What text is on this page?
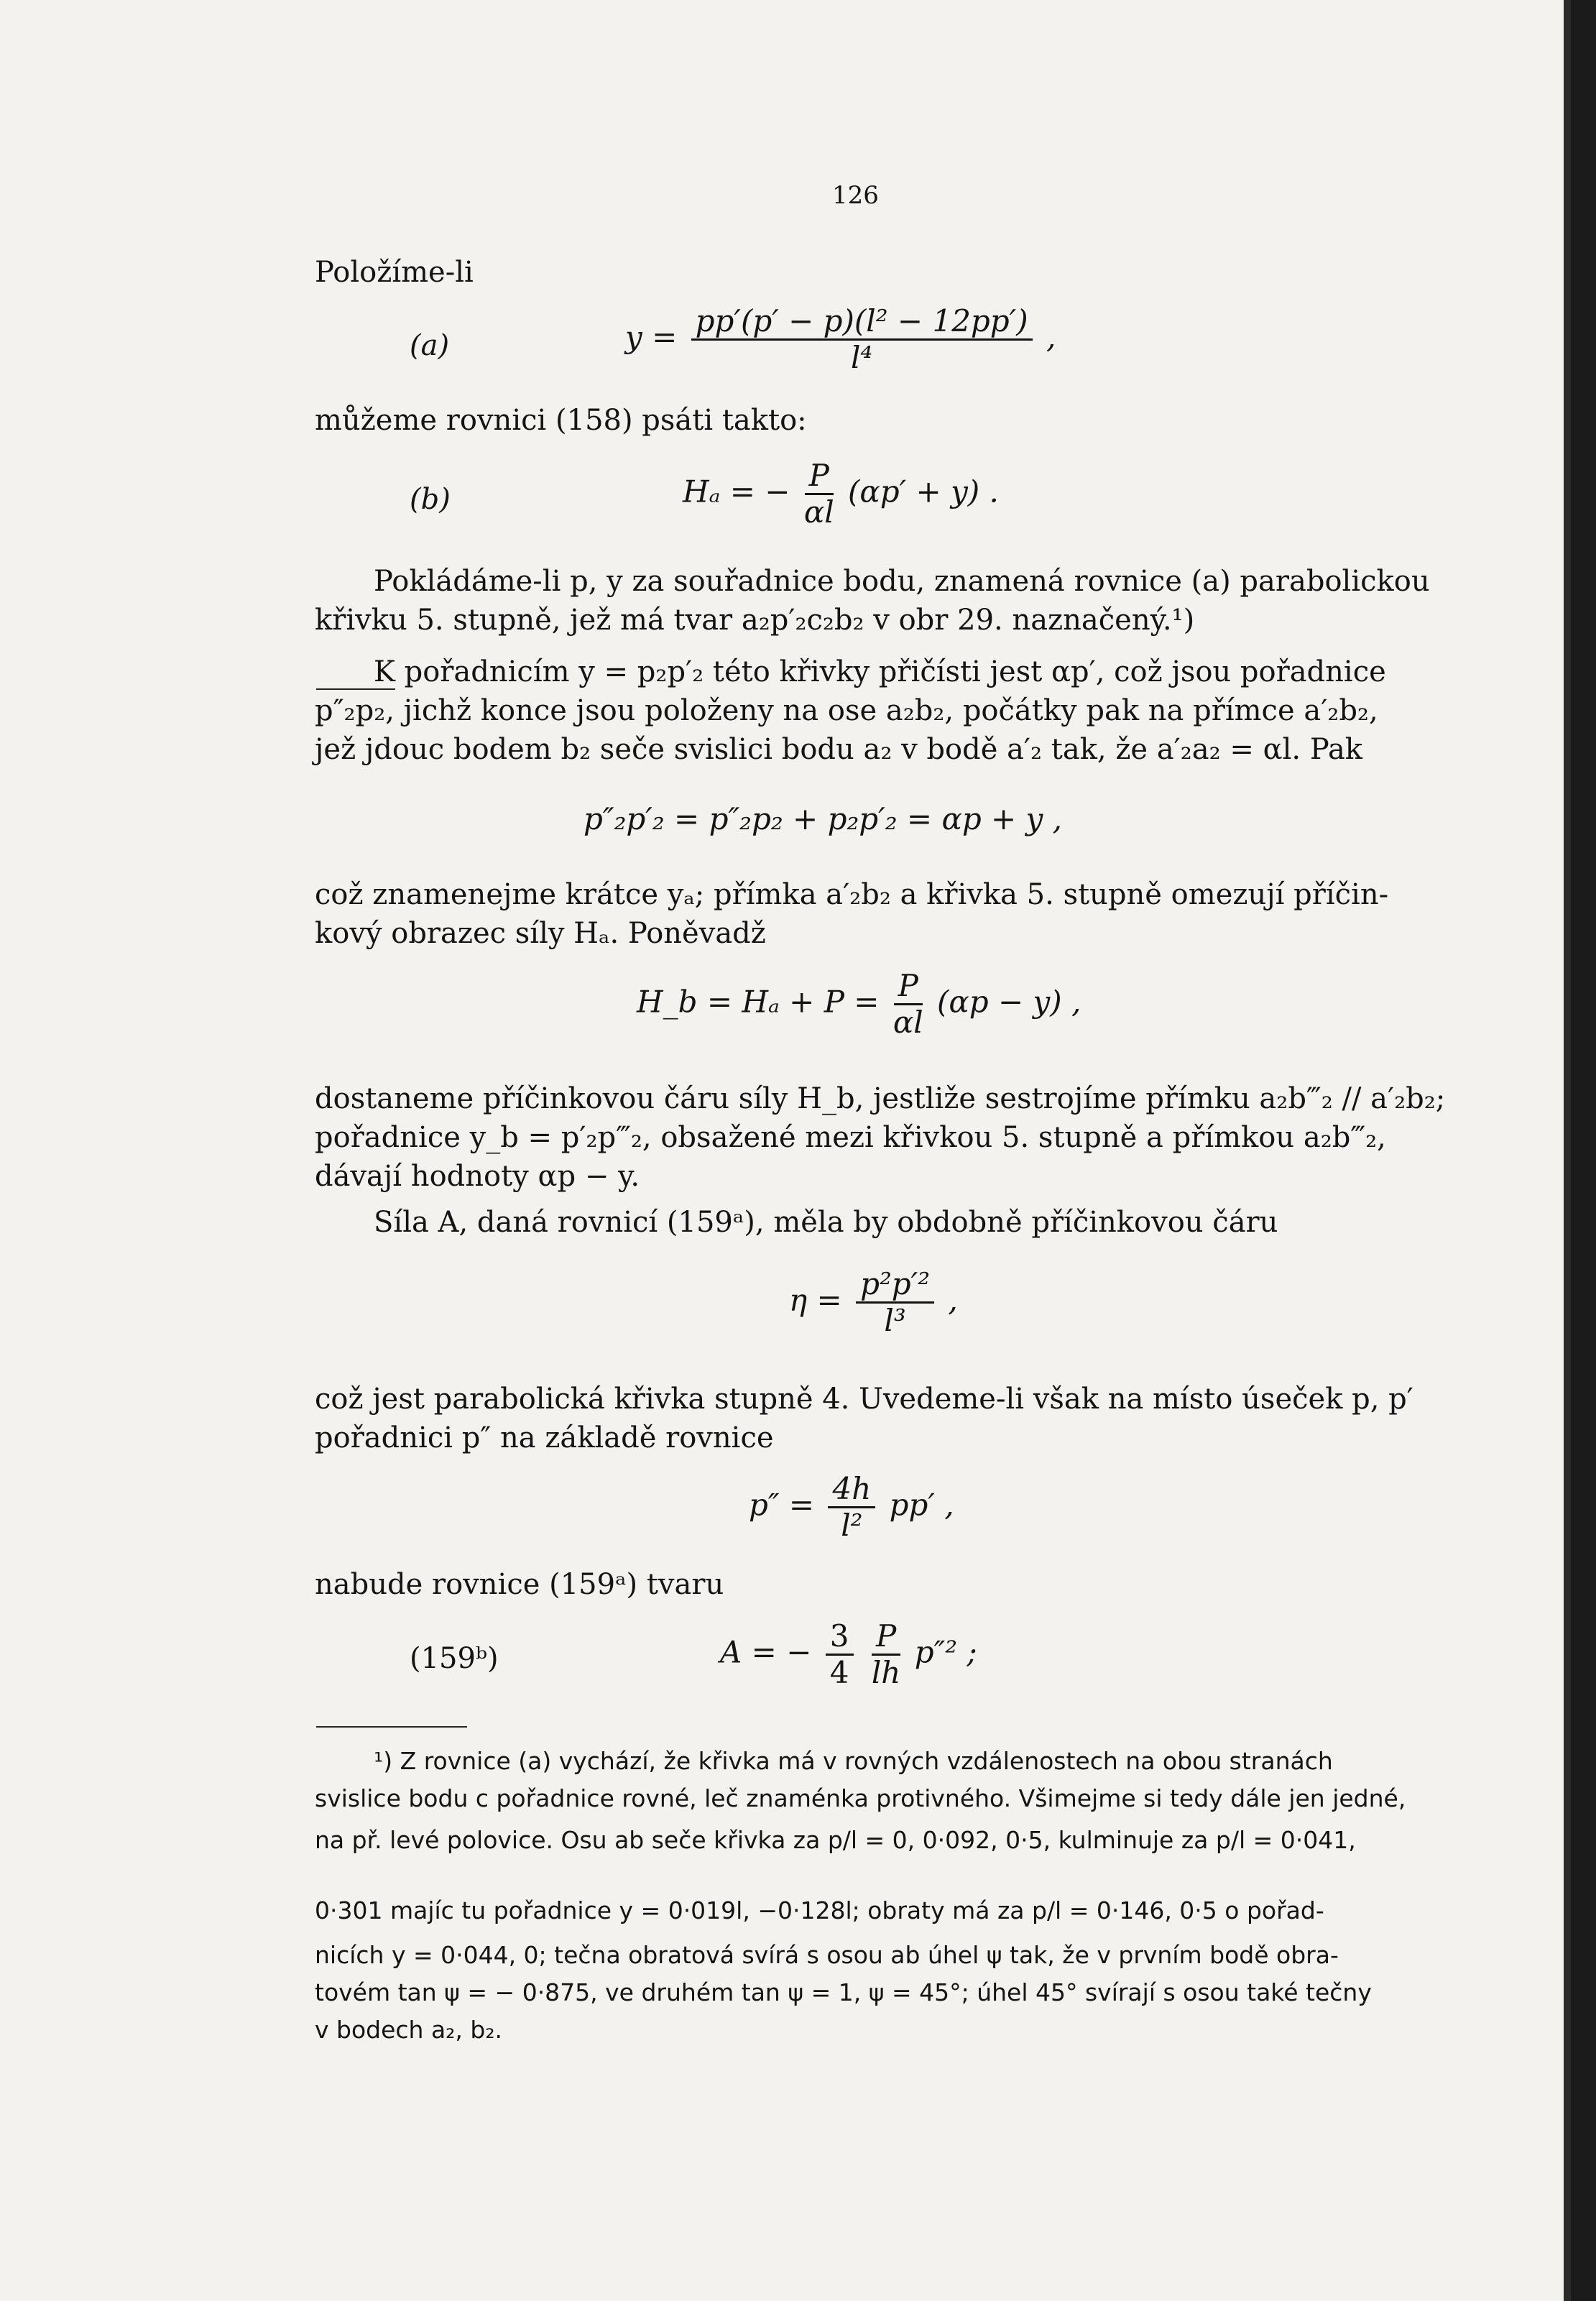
126
Položíme-li
(a)	$y = \frac{\text{pp′(p′ − p)(l² − 12pp′)}}{\text{l⁴}}$ ,
můžeme rovnici (158) psáti takto:
(b)	Hₐ = − $\frac{P}{\alpha l} (\alpha p' + y)$ .
Pokládáme-li p, y za souřadnice bodu, znamená rovnice (a) parabolickou
křivku 5. stupně, jež má tvar a₂p′₂c₂b₂ v obr 29. naznačený.¹)
K pořadnicím y = p₂p′₂ této křivky přičísti jest αp′, což jsou pořadnice
p″₂p₂, jichž konce jsou položeny na ose a₂b₂, počátky pak na přímce a′₂b₂,
jež jdouc bodem b₂ seče svislici bodu a₂ v bodě a′₂ tak, že a′₂a₂ = αl. Pak
p″₂p′₂ = p″₂p₂ + p₂p′₂ = αp + y ,
což znamenejme krátce yₐ; přímka a′₂b₂ a křivka 5. stupně omezují příčin-
kový obrazec síly Hₐ. Poněvadž
H_b = $H_a + P = \frac{P}{\alpha l} (\alpha p - y)$ ,
dostaneme příčinkovou čáru síly H_b, jestliže sestrojíme přímku a₂b‴₂ // a′₂b₂;
pořadnice y_b = p′₂p‴₂, obsažené mezi křivkou 5. stupně a přímkou a₂b‴₂,
dávají hodnoty αp − y.
Síla A, daná rovnicí (159ᵃ), měla by obdobně příčinkovou čáru
$\eta = \frac{\text{p²p′²}}{\text{l³}}$ ,
což jest parabolická křivka stupně 4. Uvedeme-li však na místo úseček p, p′
pořadnici p″ na základě rovnice
$p'' = \frac{4h}{\text{l²}} pp'$ ,
nabude rovnice (159ᵃ) tvaru
(159ᵇ)	A = − $\frac{3}{4}$
$\frac{P}{lh} p''^2$ ;
¹) Z rovnice (a) vychází, že křivka má v rovných vzdálenostech na obou stranách
svislice bodu c pořadnice rovné, leč znaménka protivného. Všimejme si tedy dále jen jedné,
na př. levé polovice. Osu ab seče křivka za p/l = 0, 0·092, 0·5, kulminuje za p/l = 0·041,
0·301 majíc tu pořadnice y = 0·019l, −0·128l; obraty má za p/l = 0·146, 0·5 o pořad-
nicích y = 0·044, 0; tečna obratová svírá s osou ab úhel ψ tak, že v prvním bodě obra-
tovém tan ψ = − 0·875, ve druhém tan ψ = 1, ψ = 45°; úhel 45° svírají s osou také tečny
v bodech a₂, b₂.
